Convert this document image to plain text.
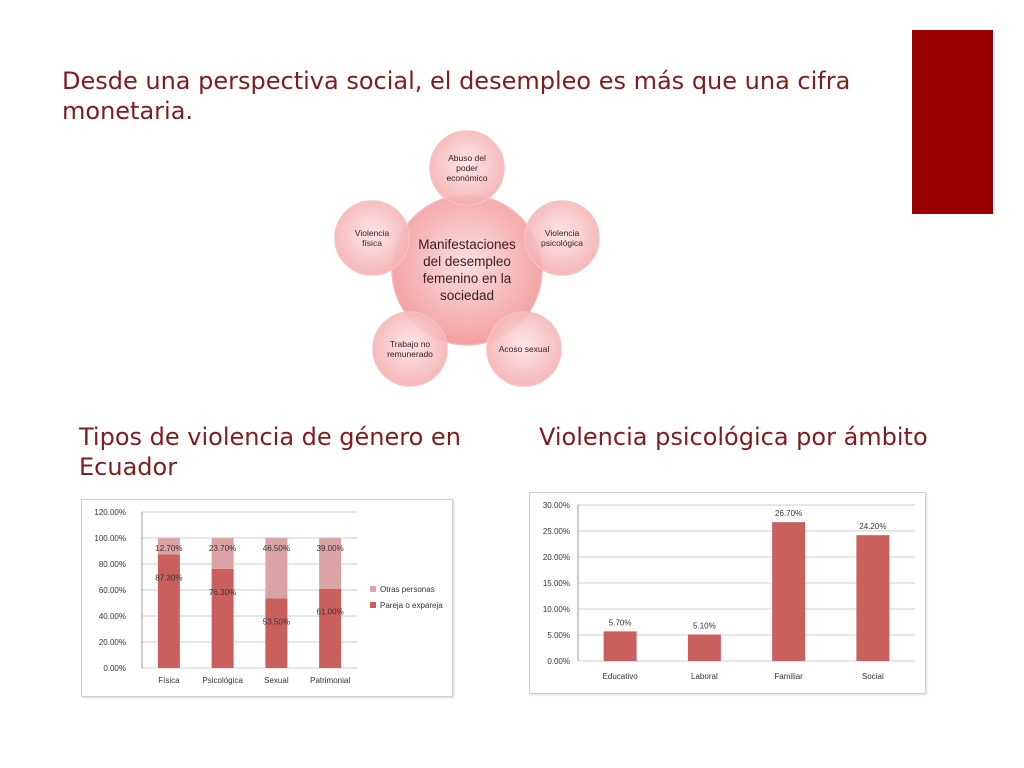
Desde una perspectiva social, el desempleo es más que una cifra monetaria.
Abuso del
poder
económico
Violencia
psicológica
Acoso sexual
Trabajo no
remunerado
Violencia
física	Manifestaciones
del desempleo
femenino en la
sociedad
Tipos de violencia de género en Ecuador
Violencia psicológica por ámbito
0.00%
20.00%
40.00%
60.00%
80.00%
100.00%
120.00%
87.30%
12.70%
Física
76.30%
23.70%
Psicológica
53.50%
46.50%
Sexual
61.00%
39.00%
Patrimonial
Otras personas
Pareja o expareja
0.00%
5.00%
10.00%
15.00%
20.00%
25.00%
30.00%
5.70%
Educativo
5.10%
Laboral
26.70%
Familiar
24.20%
Social
